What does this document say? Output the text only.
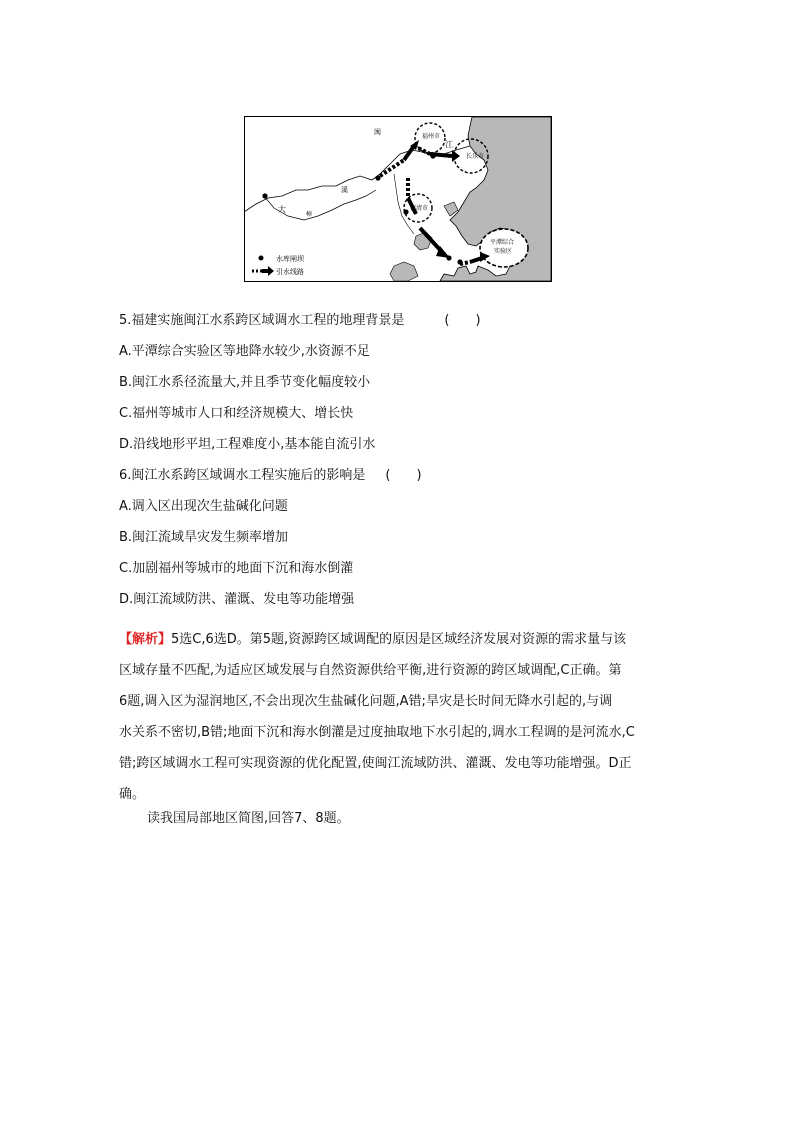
闽
江
福州市
长乐市
溪
大
樟
福清市
平潭综合
实验区
水库闸坝
引水线路
5.福建实施闽江水系跨区域调水工程的地理背景是	(　　)
A.平潭综合实验区等地降水较少,水资源不足
B.闽江水系径流量大,并且季节变化幅度较小
C.福州等城市人口和经济规模大、增长快
D.沿线地形平坦,工程难度小,基本能自流引水
6.闽江水系跨区域调水工程实施后的影响是 (　　)
A.调入区出现次生盐碱化问题
B.闽江流域旱灾发生频率增加
C.加剧福州等城市的地面下沉和海水倒灌
D.闽江流域防洪、灌溉、发电等功能增强

【解析】5选C,6选D。第5题,资源跨区域调配的原因是区域经济发展对资源的需求量与该

区域存量不匹配,为适应区域发展与自然资源供给平衡,进行资源的跨区域调配,C正确。第

6题,调入区为湿润地区,不会出现次生盐碱化问题,A错;旱灾是长时间无降水引起的,与调

水关系不密切,B错;地面下沉和海水倒灌是过度抽取地下水引起的,调水工程调的是河流水,C

错;跨区域调水工程可实现资源的优化配置,使闽江流域防洪、灌溉、发电等功能增强。D正

确。

读我国局部地区简图,回答7、8题。
